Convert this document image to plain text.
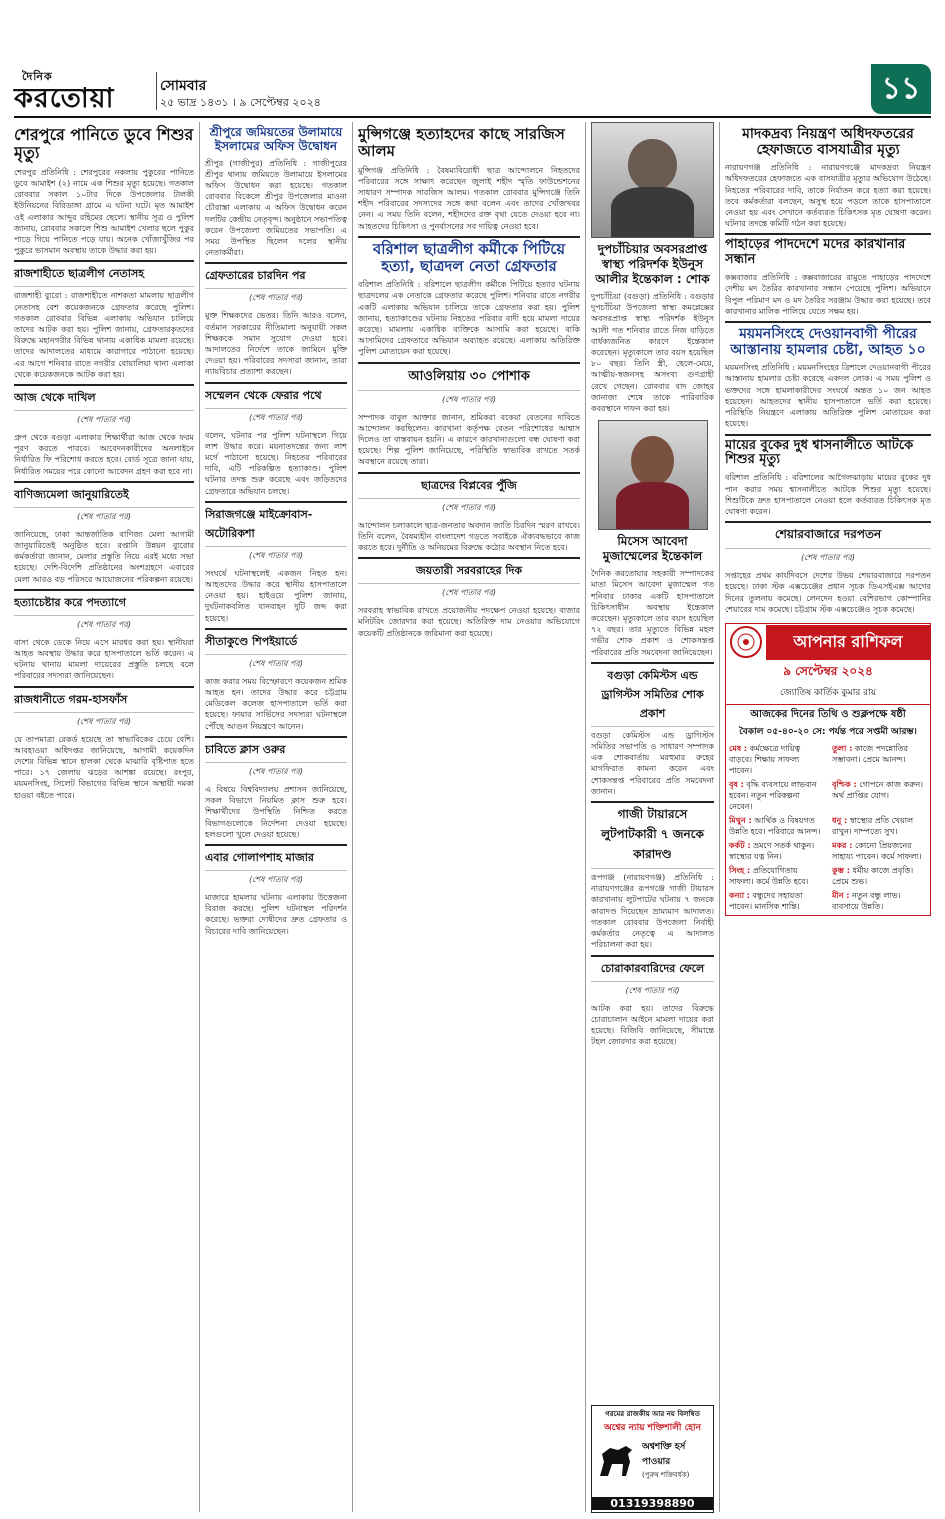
দৈনিক
করতোয়া	সোমবার
২৫ ভাদ্র ১৪৩১ । ৯ সেপ্টেম্বর ২০২৪	১১
শেরপুরে পানিতে ডুবে শিশুর মৃত্যু
শেরপুর প্রতিনিধি : শেরপুরের নকলায় পুকুরের পানিতে ডুবে আমাইশ (২) নামে এক শিশুর মৃত্যু হয়েছে। গতকাল রোববার সকাল ১০টার দিকে উপজেলার টালকী ইউনিয়নের বিরিডাঙ্গা গ্রামে এ ঘটনা ঘটে। মৃত আমাইশ ওই এলাকার আব্দুর রহিমের ছেলে। স্থানীয় সূত্র ও পুলিশ জানায়, রোববার সকালে শিশু আমাইশ খেলার ছলে পুকুর পাড়ে গিয়ে পানিতে পড়ে যায়। অনেক খোঁজাখুঁজির পর পুকুরে ভাসমান অবস্থায় তাকে উদ্ধার করা হয়।
রাজশাহীতে ছাত্রলীগ নেতাসহ
রাজশাহী ব্যুরো : রাজশাহীতে নাশকতা মামলায় ছাত্রলীগ নেতাসহ বেশ কয়েকজনকে গ্রেফতার করেছে পুলিশ। গতকাল রোববার বিভিন্ন এলাকায় অভিযান চালিয়ে তাদের আটক করা হয়। পুলিশ জানায়, গ্রেফতারকৃতদের বিরুদ্ধে মহানগরীর বিভিন্ন থানায় একাধিক মামলা রয়েছে। তাদের আদালতের মাধ্যমে কারাগারে পাঠানো হয়েছে। এর আগে শনিবার রাতে নগরীর বোয়ালিয়া থানা এলাকা থেকে কয়েকজনকে আটক করা হয়।
আজ থেকে দাখিল
(শেষ পাতার পর)
গ্রুপ থেকে বগুড়া এলাকার শিক্ষার্থীরা আজ থেকে ফরম পূরণ করতে পারবে। আবেদনকারীদের অনলাইনে নির্ধারিত ফি পরিশোধ করতে হবে। বোর্ড সূত্রে জানা যায়, নির্ধারিত সময়ের পরে কোনো আবেদন গ্রহণ করা হবে না।
বাণিজ্যমেলা জানুয়ারিতেই
(শেষ পাতার পর)
জানিয়েছে, ঢাকা আন্তর্জাতিক বাণিজ্য মেলা আগামী জানুয়ারিতেই অনুষ্ঠিত হবে। রপ্তানি উন্নয়ন ব্যুরোর কর্মকর্তারা জানান, মেলার প্রস্তুতি নিয়ে এরই মধ্যে সভা হয়েছে। দেশি-বিদেশি প্রতিষ্ঠানের অংশগ্রহণে এবারের মেলা আরও বড় পরিসরে আয়োজনের পরিকল্পনা রয়েছে।
হত্যাচেষ্টার করে পদত্যাগে
(শেষ পাতার পর)
বাসা থেকে ডেকে নিয়ে এসে মারধর করা হয়। স্থানীয়রা আহত অবস্থায় উদ্ধার করে হাসপাতালে ভর্তি করেন। এ ঘটনায় থানায় মামলা দায়েরের প্রস্তুতি চলছে বলে পরিবারের সদস্যরা জানিয়েছেন।
রাজধানীতে গরম-হাসফাঁস
(শেষ পাতার পর)
যে তাপমাত্রা রেকর্ড হয়েছে তা স্বাভাবিকের চেয়ে বেশি। আবহাওয়া অধিদপ্তর জানিয়েছে, আগামী কয়েকদিন দেশের বিভিন্ন স্থানে হালকা থেকে মাঝারি বৃষ্টিপাত হতে পারে। ১৭ জেলায় ঝড়ের আশঙ্কা রয়েছে। রংপুর, ময়মনসিংহ, সিলেট বিভাগের বিভিন্ন স্থানে অস্থায়ী দমকা হাওয়া বইতে পারে।
শ্রীপুরে জমিয়তের উলামায়ে ইসলামের অফিস উদ্বোধন
শ্রীপুর (গাজীপুর) প্রতিনিধি : গাজীপুরের শ্রীপুর থানায় জমিয়তে উলামায়ে ইসলামের অফিস উদ্বোধন করা হয়েছে। গতকাল রোববার বিকেলে শ্রীপুর উপজেলার মাওনা চৌরাস্তা এলাকায় এ অফিস উদ্বোধন করেন দলটির কেন্দ্রীয় নেতৃবৃন্দ। অনুষ্ঠানে সভাপতিত্ব করেন উপজেলা জমিয়তের সভাপতি। এ সময় উপস্থিত ছিলেন দলের স্থানীয় নেতাকর্মীরা।
গ্রেফতারের চারদিন পর
(শেষ পাতার পর)
মুক্ত শিক্ষকদের ভেতর। তিনি আরও বলেন, বর্তমান সরকারের নীতিমালা অনুযায়ী সকল শিক্ষককে সমান সুযোগ দেওয়া হবে। আদালতের নির্দেশে তাকে জামিনে মুক্তি দেওয়া হয়। পরিবারের সদস্যরা জানান, তারা ন্যায়বিচার প্রত্যাশা করছেন।
সম্মেলন থেকে ফেরার পথে
(শেষ পাতার পর)
বলেন, ঘটনার পর পুলিশ ঘটনাস্থলে গিয়ে লাশ উদ্ধার করে। ময়নাতদন্তের জন্য লাশ মর্গে পাঠানো হয়েছে। নিহতের পরিবারের দাবি, এটি পরিকল্পিত হত্যাকাণ্ড। পুলিশ ঘটনার তদন্ত শুরু করেছে এবং জড়িতদের গ্রেফতারে অভিযান চলছে।
সিরাজগঞ্জে মাইক্রোবাস-অটোরিকশা
(শেষ পাতার পর)
সংঘর্ষে ঘটনাস্থলেই একজন নিহত হন। আহতদের উদ্ধার করে স্থানীয় হাসপাতালে নেওয়া হয়। হাইওয়ে পুলিশ জানায়, দুর্ঘটনাকবলিত যানবাহন দুটি জব্দ করা হয়েছে।
সীতাকুণ্ডে শিপইয়ার্ডে
(শেষ পাতার পর)
কাজ করার সময় বিস্ফোরণে কয়েকজন শ্রমিক আহত হন। তাদের উদ্ধার করে চট্টগ্রাম মেডিকেল কলেজ হাসপাতালে ভর্তি করা হয়েছে। ফায়ার সার্ভিসের সদস্যরা ঘটনাস্থলে পৌঁছে আগুন নিয়ন্ত্রণে আনেন।
চাবিতে ক্লাস ওরুর
(শেষ পাতার পর)
এ বিষয়ে বিশ্ববিদ্যালয় প্রশাসন জানিয়েছে, সকল বিভাগে নিয়মিত ক্লাস শুরু হবে। শিক্ষার্থীদের উপস্থিতি নিশ্চিত করতে বিভাগগুলোকে নির্দেশনা দেওয়া হয়েছে। হলগুলো খুলে দেওয়া হয়েছে।
এবার গোলাপশাহ মাজার
(শেষ পাতার পর)
মাজারে হামলার ঘটনায় এলাকায় উত্তেজনা বিরাজ করছে। পুলিশ ঘটনাস্থল পরিদর্শন করেছে। ভক্তরা দোষীদের দ্রুত গ্রেফতার ও বিচারের দাবি জানিয়েছেন।
মুন্সিগঞ্জে হত্যাহদের কাছে সারজিস আলম
মুন্সিগঞ্জ প্রতিনিধি : বৈষম্যবিরোধী ছাত্র আন্দোলনে নিহতদের পরিবারের সঙ্গে সাক্ষাৎ করেছেন জুলাই শহীদ স্মৃতি ফাউন্ডেশনের সাধারণ সম্পাদক সারজিস আলম। গতকাল রোববার মুন্সিগঞ্জে তিনি শহীদ পরিবারের সদস্যদের সঙ্গে কথা বলেন এবং তাদের খোঁজখবর নেন। এ সময় তিনি বলেন, শহীদদের রক্ত বৃথা যেতে দেওয়া হবে না। আহতদের চিকিৎসা ও পুনর্বাসনের সব দায়িত্ব নেওয়া হবে।
বরিশাল ছাত্রলীগ কর্মীকে পিটিয়ে হত্যা, ছাত্রদল নেতা গ্রেফতার
বরিশাল প্রতিনিধি : বরিশালে ছাত্রলীগ কর্মীকে পিটিয়ে হত্যার ঘটনায় ছাত্রদলের এক নেতাকে গ্রেফতার করেছে পুলিশ। শনিবার রাতে নগরীর একটি এলাকায় অভিযান চালিয়ে তাকে গ্রেফতার করা হয়। পুলিশ জানায়, হত্যাকাণ্ডের ঘটনায় নিহতের পরিবার বাদী হয়ে মামলা দায়ের করেছে। মামলায় একাধিক ব্যক্তিকে আসামি করা হয়েছে। বাকি আসামিদের গ্রেফতারে অভিযান অব্যাহত রয়েছে। এলাকায় অতিরিক্ত পুলিশ মোতায়েন করা হয়েছে।
আওলিয়ায় ৩০ পোশাক
(শেষ পাতার পর)
সম্পাদক বাবুল আক্তার জানান, শ্রমিকরা বকেয়া বেতনের দাবিতে আন্দোলন করছিলেন। কারখানা কর্তৃপক্ষ বেতন পরিশোধের আশ্বাস দিলেও তা বাস্তবায়ন হয়নি। এ কারণে কারখানাগুলো বন্ধ ঘোষণা করা হয়েছে। শিল্প পুলিশ জানিয়েছে, পরিস্থিতি স্বাভাবিক রাখতে সতর্ক অবস্থানে রয়েছে তারা।
ছাত্রদের বিপ্লবের পুঁজি
(শেষ পাতার পর)
আন্দোলন চলাকালে ছাত্র-জনতার অবদান জাতি চিরদিন স্মরণ রাখবে। তিনি বলেন, বৈষম্যহীন বাংলাদেশ গড়তে সবাইকে ঐক্যবদ্ধভাবে কাজ করতে হবে। দুর্নীতি ও অনিয়মের বিরুদ্ধে কঠোর অবস্থান নিতে হবে।
জয়তারী সরবরাহের দিক
(শেষ পাতার পর)
সরবরাহ স্বাভাবিক রাখতে প্রয়োজনীয় পদক্ষেপ নেওয়া হয়েছে। বাজার মনিটরিং জোরদার করা হয়েছে। অতিরিক্ত দাম নেওয়ার অভিযোগে কয়েকটি প্রতিষ্ঠানকে জরিমানা করা হয়েছে।
দুপচাঁচিয়ার অবসরপ্রাপ্ত স্বাস্থ্য পরিদর্শক ইউনুস আলীর ইন্তেকাল : শোক
দুপচাঁচিয়া (বগুড়া) প্রতিনিধি : বগুড়ার দুপচাঁচিয়া উপজেলা স্বাস্থ্য কমপ্লেক্সের অবসরপ্রাপ্ত স্বাস্থ্য পরিদর্শক ইউনুস আলী গত শনিবার রাতে নিজ বাড়িতে বার্ধক্যজনিত কারণে ইন্তেকাল করেছেন। মৃত্যুকালে তার বয়স হয়েছিল ৮০ বছর। তিনি স্ত্রী, ছেলে-মেয়ে, আত্মীয়-স্বজনসহ অসংখ্য গুণগ্রাহী রেখে গেছেন। রোববার বাদ জোহর জানাজা শেষে তাকে পারিবারিক কবরস্থানে দাফন করা হয়।
মিসেস আবেদা মুজাম্মেলের ইন্তেকাল
দৈনিক করতোয়ার সহকারী সম্পাদকের মাতা মিসেস আবেদা মুজাম্মেল গত শনিবার ঢাকার একটি হাসপাতালে চিকিৎসাধীন অবস্থায় ইন্তেকাল করেছেন। মৃত্যুকালে তার বয়স হয়েছিল ৭২ বছর। তার মৃত্যুতে বিভিন্ন মহল গভীর শোক প্রকাশ ও শোকসন্তপ্ত পরিবারের প্রতি সমবেদনা জানিয়েছেন।
বগুড়া কেমিস্টস এন্ড ড্রাগিস্টস সমিতির শোক প্রকাশ
বগুড়া কেমিস্টস এন্ড ড্রাগিস্টস সমিতির সভাপতি ও সাধারণ সম্পাদক এক শোকবার্তায় মরহুমার রুহের মাগফিরাত কামনা করেন এবং শোকসন্তপ্ত পরিবারের প্রতি সমবেদনা জানান।
গাজী টায়ারসে লুটপাটকারী ৭ জনকে কারাদণ্ড
রূপগঞ্জ (নারায়ণগঞ্জ) প্রতিনিধি : নারায়ণগঞ্জের রূপগঞ্জে গাজী টায়ারস কারখানায় লুটপাটের ঘটনায় ৭ জনকে কারাদণ্ড দিয়েছেন ভ্রাম্যমাণ আদালত। গতকাল রোববার উপজেলা নির্বাহী কর্মকর্তার নেতৃত্বে এ আদালত পরিচালনা করা হয়।
চোরাকারবারিদের ফেলে
(শেষ পাতার পর)
আটক করা হয়। তাদের বিরুদ্ধে চোরাচালান আইনে মামলা দায়ের করা হয়েছে। বিজিবি জানিয়েছে, সীমান্তে টহল জোরদার করা হয়েছে।
গরমের রাজকীয় আর নয় বিলম্বিত
অশ্বের ন্যায় শক্তিশালী হোন
অশ্বশক্তি হর্স পাওয়ার
(পুরুষ শক্তিবর্ধক)
01319398890
মাদকদ্রব্য নিয়ন্ত্রণ অধিদফতরের হেফাজতে বাসযাত্রীর মৃত্যু
নারায়ণগঞ্জ প্রতিনিধি : নারায়ণগঞ্জে মাদকদ্রব্য নিয়ন্ত্রণ অধিদফতরের হেফাজতে এক বাসযাত্রীর মৃত্যুর অভিযোগ উঠেছে। নিহতের পরিবারের দাবি, তাকে নির্যাতন করে হত্যা করা হয়েছে। তবে কর্মকর্তারা বলছেন, অসুস্থ হয়ে পড়লে তাকে হাসপাতালে নেওয়া হয় এবং সেখানে কর্তব্যরত চিকিৎসক মৃত ঘোষণা করেন। ঘটনার তদন্তে কমিটি গঠন করা হয়েছে।
পাহাড়ের পাদদেশে মদের কারখানার সন্ধান
কক্সবাজার প্রতিনিধি : কক্সবাজারের রামুতে পাহাড়ের পাদদেশে দেশীয় মদ তৈরির কারখানার সন্ধান পেয়েছে পুলিশ। অভিযানে বিপুল পরিমাণ মদ ও মদ তৈরির সরঞ্জাম উদ্ধার করা হয়েছে। তবে কারখানার মালিক পালিয়ে যেতে সক্ষম হয়।
ময়মনসিংহে দেওয়ানবাগী পীরের আস্তানায় হামলার চেষ্টা, আহত ১০
ময়মনসিংহ প্রতিনিধি : ময়মনসিংহের ত্রিশালে দেওয়ানবাগী পীরের আস্তানায় হামলার চেষ্টা করেছে একদল লোক। এ সময় পুলিশ ও ভক্তদের সঙ্গে হামলাকারীদের সংঘর্ষে অন্তত ১০ জন আহত হয়েছেন। আহতদের স্থানীয় হাসপাতালে ভর্তি করা হয়েছে। পরিস্থিতি নিয়ন্ত্রণে এলাকায় অতিরিক্ত পুলিশ মোতায়েন করা হয়েছে।
মায়ের বুকের দুধ শ্বাসনালীতে আটকে শিশুর মৃত্যু
বরিশাল প্রতিনিধি : বরিশালের আগৈলঝাড়ায় মায়ের বুকের দুধ পান করার সময় শ্বাসনালীতে আটকে শিশুর মৃত্যু হয়েছে। শিশুটিকে দ্রুত হাসপাতালে নেওয়া হলে কর্তব্যরত চিকিৎসক মৃত ঘোষণা করেন।
শেয়ারবাজারে দরপতন
(শেষ পাতার পর)
সপ্তাহের প্রথম কার্যদিবসে দেশের উভয় শেয়ারবাজারে দরপতন হয়েছে। ঢাকা স্টক এক্সচেঞ্জের প্রধান সূচক ডিএসইএক্স আগের দিনের তুলনায় কমেছে। লেনদেন হওয়া বেশিরভাগ কোম্পানির শেয়ারের দাম কমেছে। চট্টগ্রাম স্টক এক্সচেঞ্জেও সূচক কমেছে।
আপনার রাশিফল
৯ সেপ্টেম্বর ২০২৪
জ্যোতিষ কার্তিক কুমার রায়
আজকের দিনের তিথি ও শুক্লপক্ষে ষষ্ঠী
বৈকাল ০৫-৪০-২০ সে: পর্যন্ত পরে সপ্তমী আরম্ভ।
মেষ : কর্মক্ষেত্রে দায়িত্ব বাড়বে। শিক্ষায় সাফল্য পাবেন।
তুলা : কাজে পদন্নোতির সম্ভাবনা। প্রেমে আনন্দ।
বৃষ : বৃদ্ধি ব্যবসায়ে লাভবান হবেন। নতুন পরিকল্পনা নেবেন।
বৃশ্চিক : গোপনে কাজ করুন। অর্থ প্রাপ্তির যোগ।
মিথুন : আর্থিক ও বিষয়গত উন্নতি হবে। পরিবারে আনন্দ।
ধনু : স্বাস্থ্যের প্রতি খেয়াল রাখুন। দাম্পত্যে সুখ।
কর্কট : ভ্রমণে সতর্ক থাকুন। স্বাস্থ্যের যত্ন নিন।
মকর : কোনো প্রিয়জনের সাহায্য পাবেন। কর্মে সাফল্য।
সিংহ : প্রতিযোগিতায় সাফল্য। কর্মে উন্নতি হবে।
কুম্ভ : ধর্মীয় কাজে প্রবৃত্তি। প্রেমে শুভ।
কন্যা : বন্ধুদের সহায়তা পাবেন। মানসিক শান্তি।
মীন : নতুন বন্ধু লাভ। ব্যবসায়ে উন্নতি।
